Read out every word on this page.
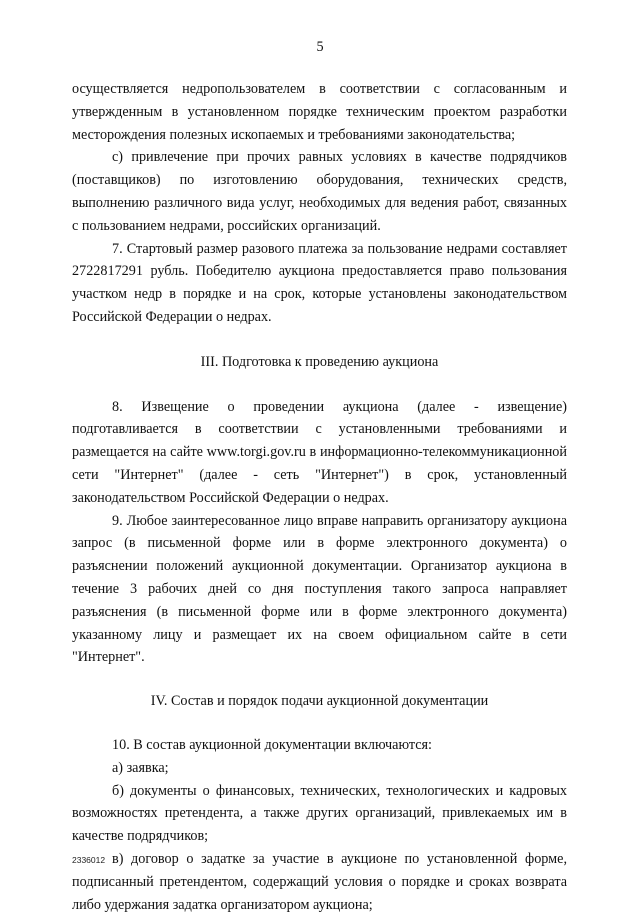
5

осуществляется недропользователем в соответствии с согласованным и утвержденным в установленном порядке техническим проектом разработки месторождения полезных ископаемых и требованиями законодательства;

с) привлечение при прочих равных условиях в качестве подрядчиков (поставщиков) по изготовлению оборудования, технических средств, выполнению различного вида услуг, необходимых для ведения работ, связанных с пользованием недрами, российских организаций.

7. Стартовый размер разового платежа за пользование недрами составляет 2722817291 рубль. Победителю аукциона предоставляется право пользования участком недр в порядке и на срок, которые установлены законодательством Российской Федерации о недрах.

III. Подготовка к проведению аукциона

8. Извещение о проведении аукциона (далее - извещение) подготавливается в соответствии с установленными требованиями и размещается на сайте www.torgi.gov.ru в информационно-телекоммуникационной сети "Интернет" (далее - сеть "Интернет") в срок, установленный законодательством Российской Федерации о недрах.

9. Любое заинтересованное лицо вправе направить организатору аукциона запрос (в письменной форме или в форме электронного документа) о разъяснении положений аукционной документации. Организатор аукциона в течение 3 рабочих дней со дня поступления такого запроса направляет разъяснения (в письменной форме или в форме электронного документа) указанному лицу и размещает их на своем официальном сайте в сети "Интернет".

IV. Состав и порядок подачи аукционной документации

10. В состав аукционной документации включаются:

а) заявка;

б) документы о финансовых, технических, технологических и кадровых возможностях претендента, а также других организаций, привлекаемых им в качестве подрядчиков;

в) договор о задатке за участие в аукционе по установленной форме, подписанный претендентом, содержащий условия о порядке и сроках возврата либо удержания задатка организатором аукциона;

2336012
